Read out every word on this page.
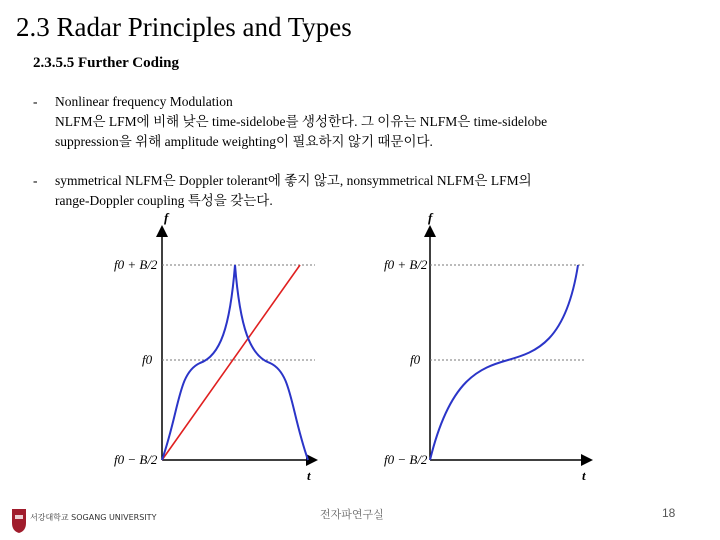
2.3 Radar Principles and Types
2.3.5.5 Further Coding
- Nonlinear frequency Modulation
NLFM은 LFM에 비해 낮은 time-sidelobe를 생성한다. 그 이유는 NLFM은 time-sidelobe
suppression을 위해 amplitude weighting이 필요하지 않기 때문이다.
- symmetrical NLFM은 Doppler tolerant에 좋지 않고, nonsymmetrical NLFM은 LFM의
range-Doppler coupling 특성을 갖는다.
f
t
f0 + B/2
f0
f0 − B/2
f
t
f0 + B/2
f0
f0 − B/2
서강대학교 SOGANG UNIVERSITY	전자파연구실	18
